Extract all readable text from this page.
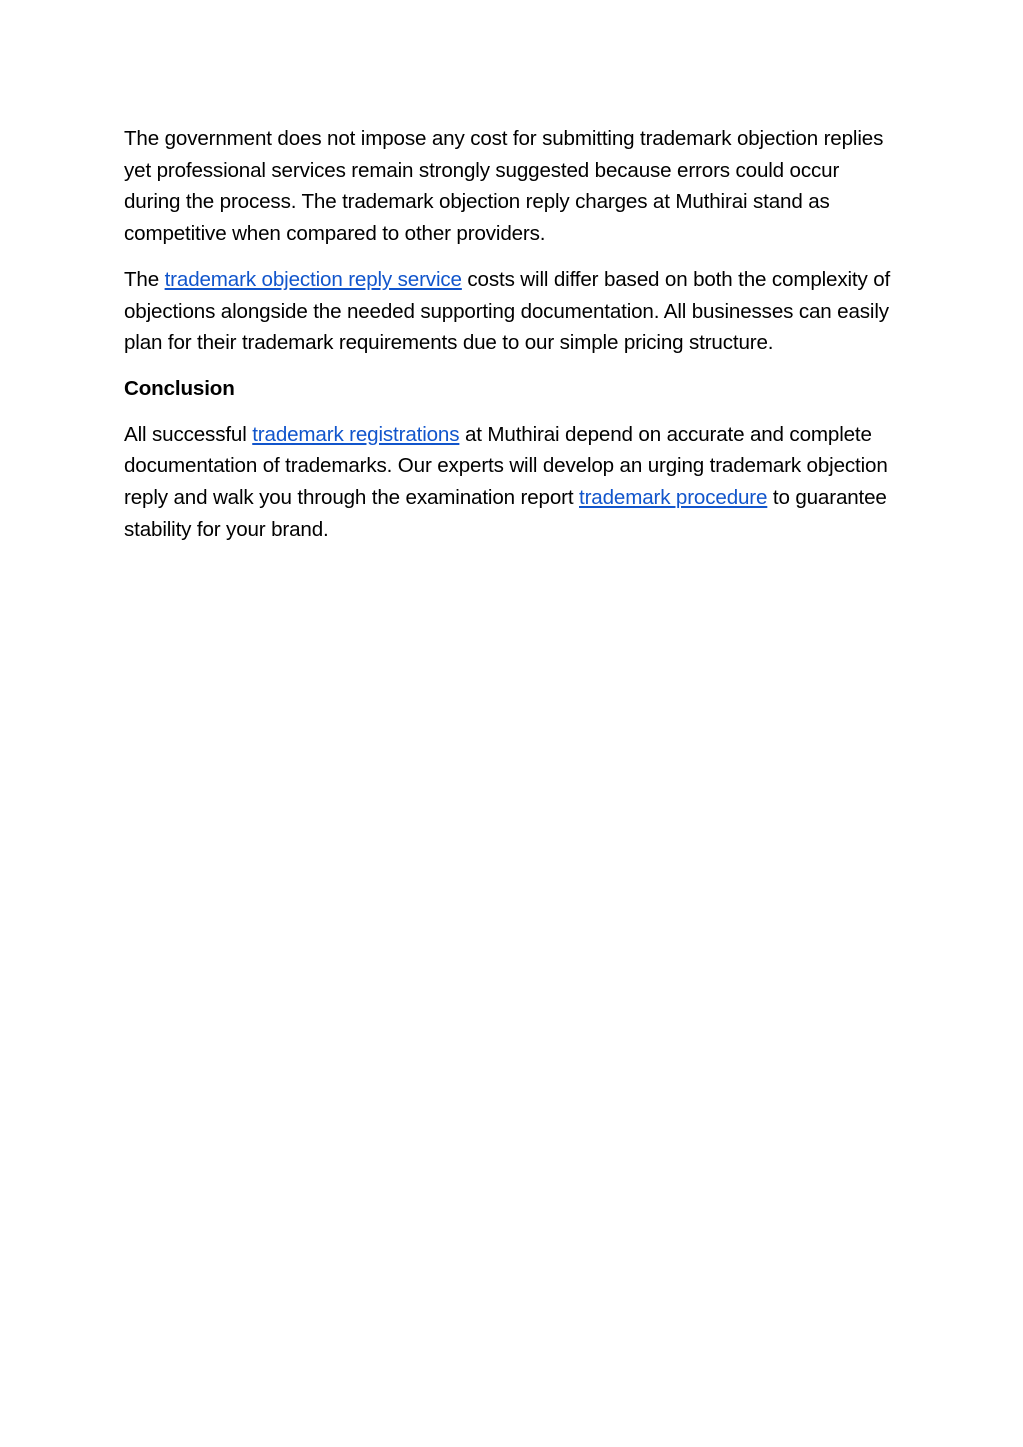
The government does not impose any cost for submitting trademark objection replies yet professional services remain strongly suggested because errors could occur during the process. The trademark objection reply charges at Muthirai stand as competitive when compared to other providers.

The trademark objection reply service costs will differ based on both the complexity of objections alongside the needed supporting documentation. All businesses can easily plan for their trademark requirements due to our simple pricing structure.

Conclusion

All successful trademark registrations at Muthirai depend on accurate and complete documentation of trademarks. Our experts will develop an urging trademark objection reply and walk you through the examination report trademark procedure to guarantee stability for your brand.
